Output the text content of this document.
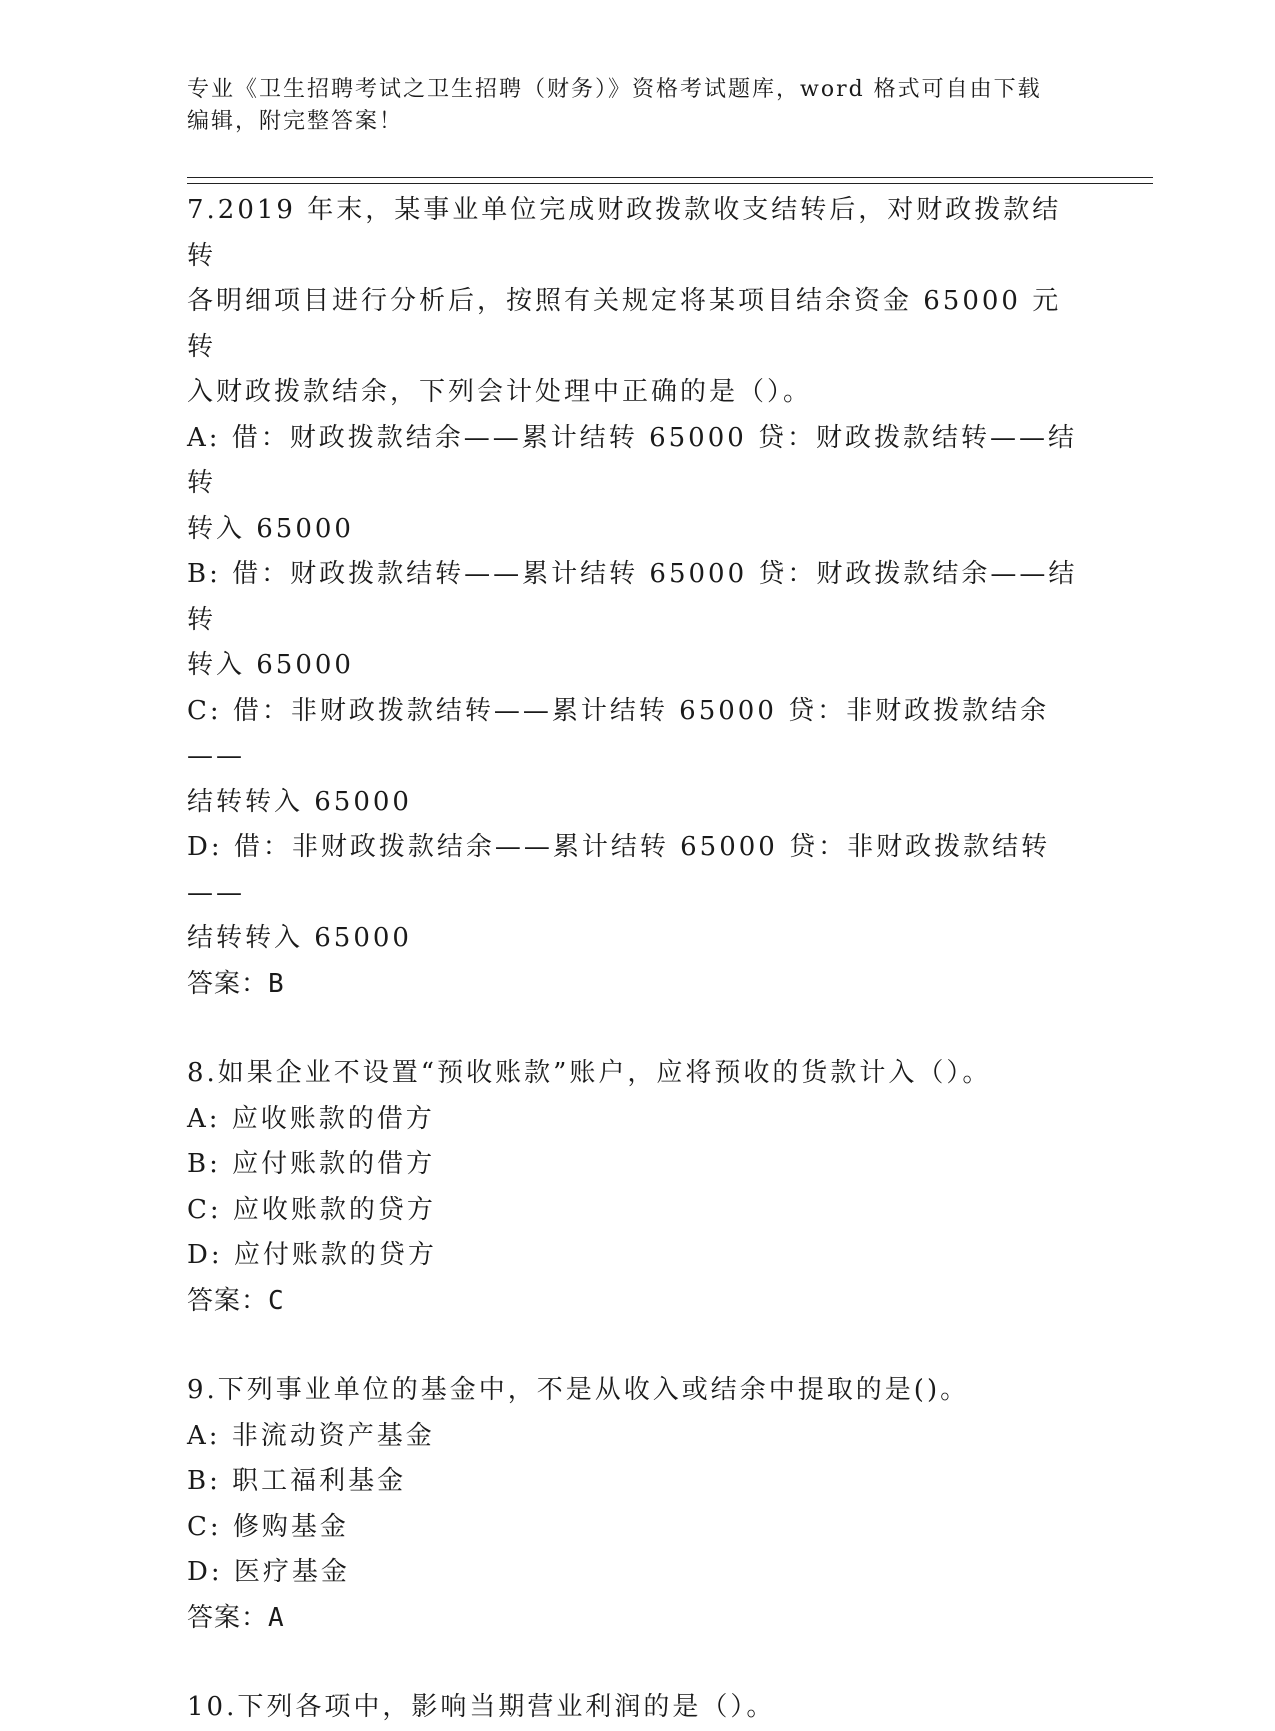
专业《卫生招聘考试之卫生招聘（财务）》资格考试题库，word 格式可自由下载
编辑，附完整答案！
7.2019 年末，某事业单位完成财政拨款收支结转后，对财政拨款结转
各明细项目进行分析后，按照有关规定将某项目结余资金 65000 元转
入财政拨款结余，下列会计处理中正确的是（）。
A: 借：财政拨款结余——累计结转 65000 贷：财政拨款结转——结转
转入 65000
B: 借：财政拨款结转——累计结转 65000 贷：财政拨款结余——结转
转入 65000
C: 借：非财政拨款结转——累计结转 65000 贷：非财政拨款结余——
结转转入 65000
D: 借：非财政拨款结余——累计结转 65000 贷：非财政拨款结转——
结转转入 65000
答案：B
8.如果企业不设置“预收账款”账户，应将预收的货款计入（）。
A: 应收账款的借方
B: 应付账款的借方
C: 应收账款的贷方
D: 应付账款的贷方
答案：C
9.下列事业单位的基金中，不是从收入或结余中提取的是()。
A: 非流动资产基金
B: 职工福利基金
C: 修购基金
D: 医疗基金
答案：A
10.下列各项中，影响当期营业利润的是（）。
